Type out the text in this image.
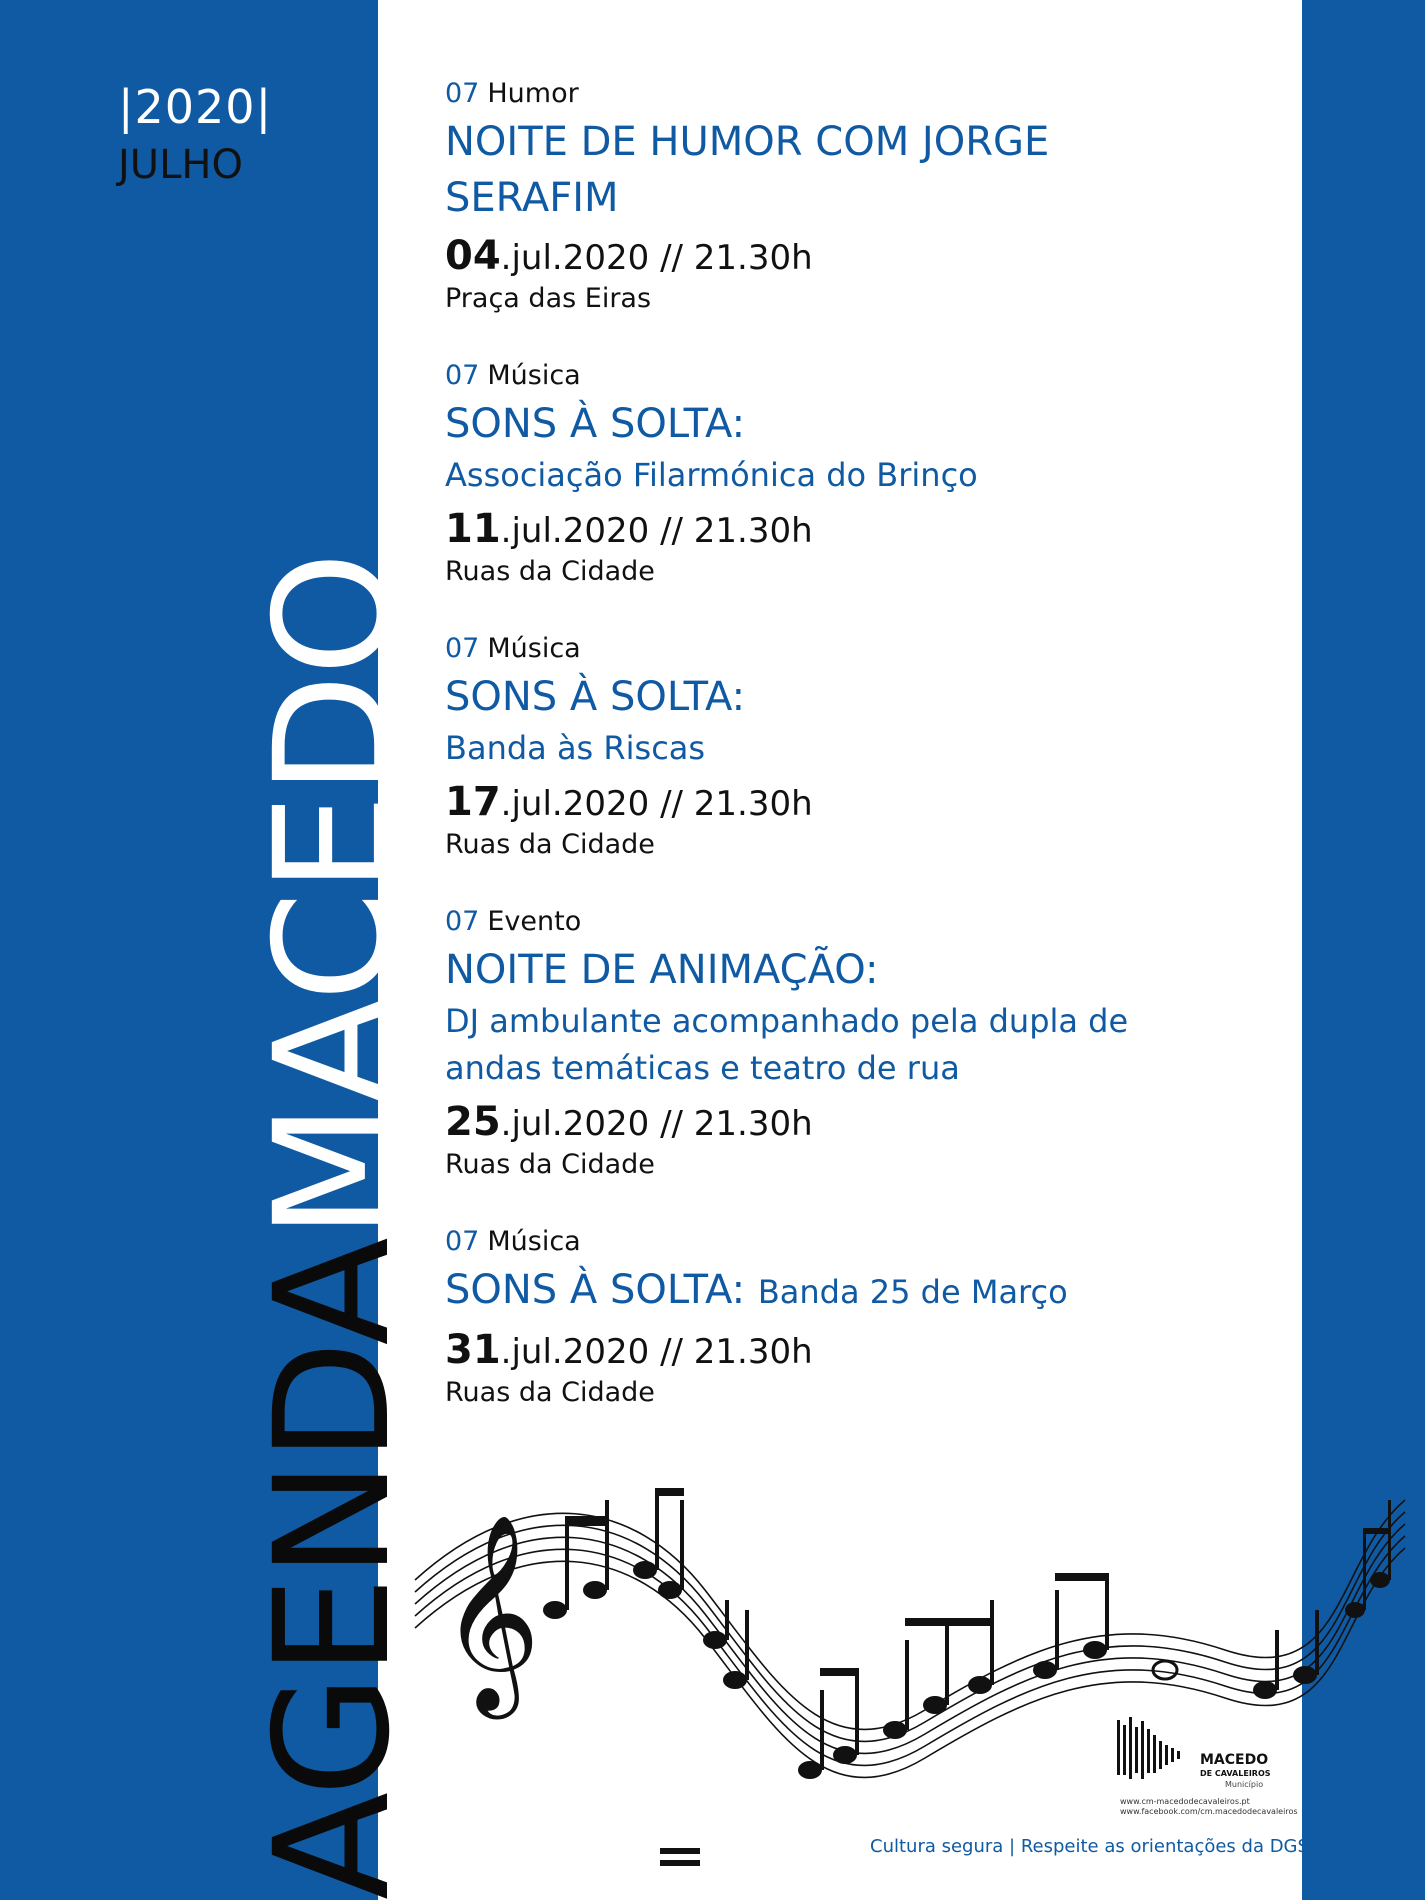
|2020|
JULHO
AGENDAMACEDO
07 Humor
NOITE DE HUMOR COM JORGE SERAFIM
04.jul.2020 // 21.30h
Praça das Eiras
07 Música
SONS À SOLTA:
Associação Filarmónica do Brinço
11.jul.2020 // 21.30h
Ruas da Cidade
07 Música
SONS À SOLTA:
Banda às Riscas
17.jul.2020 // 21.30h
Ruas da Cidade
07 Evento
NOITE DE ANIMAÇÃO:
DJ ambulante acompanhado pela dupla de andas temáticas e teatro de rua
25.jul.2020 // 21.30h
Ruas da Cidade
07 Música
SONS À SOLTA: Banda 25 de Março
31.jul.2020 // 21.30h
Ruas da Cidade
𝄞
MACEDO
DE CAVALEIROS
Município
www.cm-macedodecavaleiros.pt
www.facebook.com/cm.macedodecavaleiros
Cultura segura | Respeite as orientações da DGS
